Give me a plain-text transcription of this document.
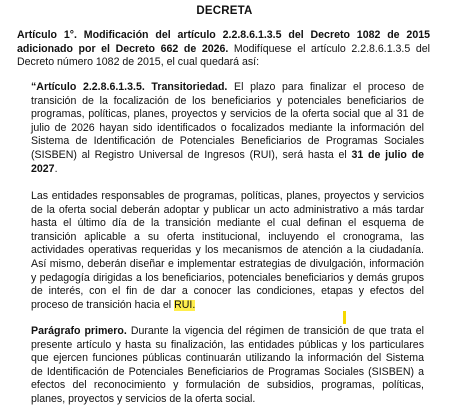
DECRETA
Artículo 1°. Modificación del artículo 2.2.8.6.1.3.5 del Decreto 1082 de 2015 adicionado por el Decreto 662 de 2026. Modifíquese el artículo 2.2.8.6.1.3.5 del Decreto número 1082 de 2015, el cual quedará así:
“Artículo 2.2.8.6.1.3.5. Transitoriedad. El plazo para finalizar el proceso de transición de la focalización de los beneficiarios y potenciales beneficiarios de programas, políticas, planes, proyectos y servicios de la oferta social que al 31 de julio de 2026 hayan sido identificados o focalizados mediante la información del Sistema de Identificación de Potenciales Beneficiarios de Programas Sociales (SISBEN) al Registro Universal de Ingresos (RUI), será hasta el 31 de julio de 2027.
Las entidades responsables de programas, políticas, planes, proyectos y servicios de la oferta social deberán adoptar y publicar un acto administrativo a más tardar hasta el último día de la transición mediante el cual definan el esquema de transición aplicable a su oferta institucional, incluyendo el cronograma, las actividades operativas requeridas y los mecanismos de atención a la ciudadanía. Así mismo, deberán diseñar e implementar estrategias de divulgación, información y pedagogía dirigidas a los beneficiarios, potenciales beneficiarios y demás grupos de interés, con el fin de dar a conocer las condiciones, etapas y efectos del proceso de transición hacia el RUI.
Parágrafo primero. Durante la vigencia del régimen de transición de que trata el presente artículo y hasta su finalización, las entidades públicas y los particulares que ejercen funciones públicas continuarán utilizando la información del Sistema de Identificación de Potenciales Beneficiarios de Programas Sociales (SISBEN) a efectos del reconocimiento y formulación de subsidios, programas, políticas, planes, proyectos y servicios de la oferta social.
